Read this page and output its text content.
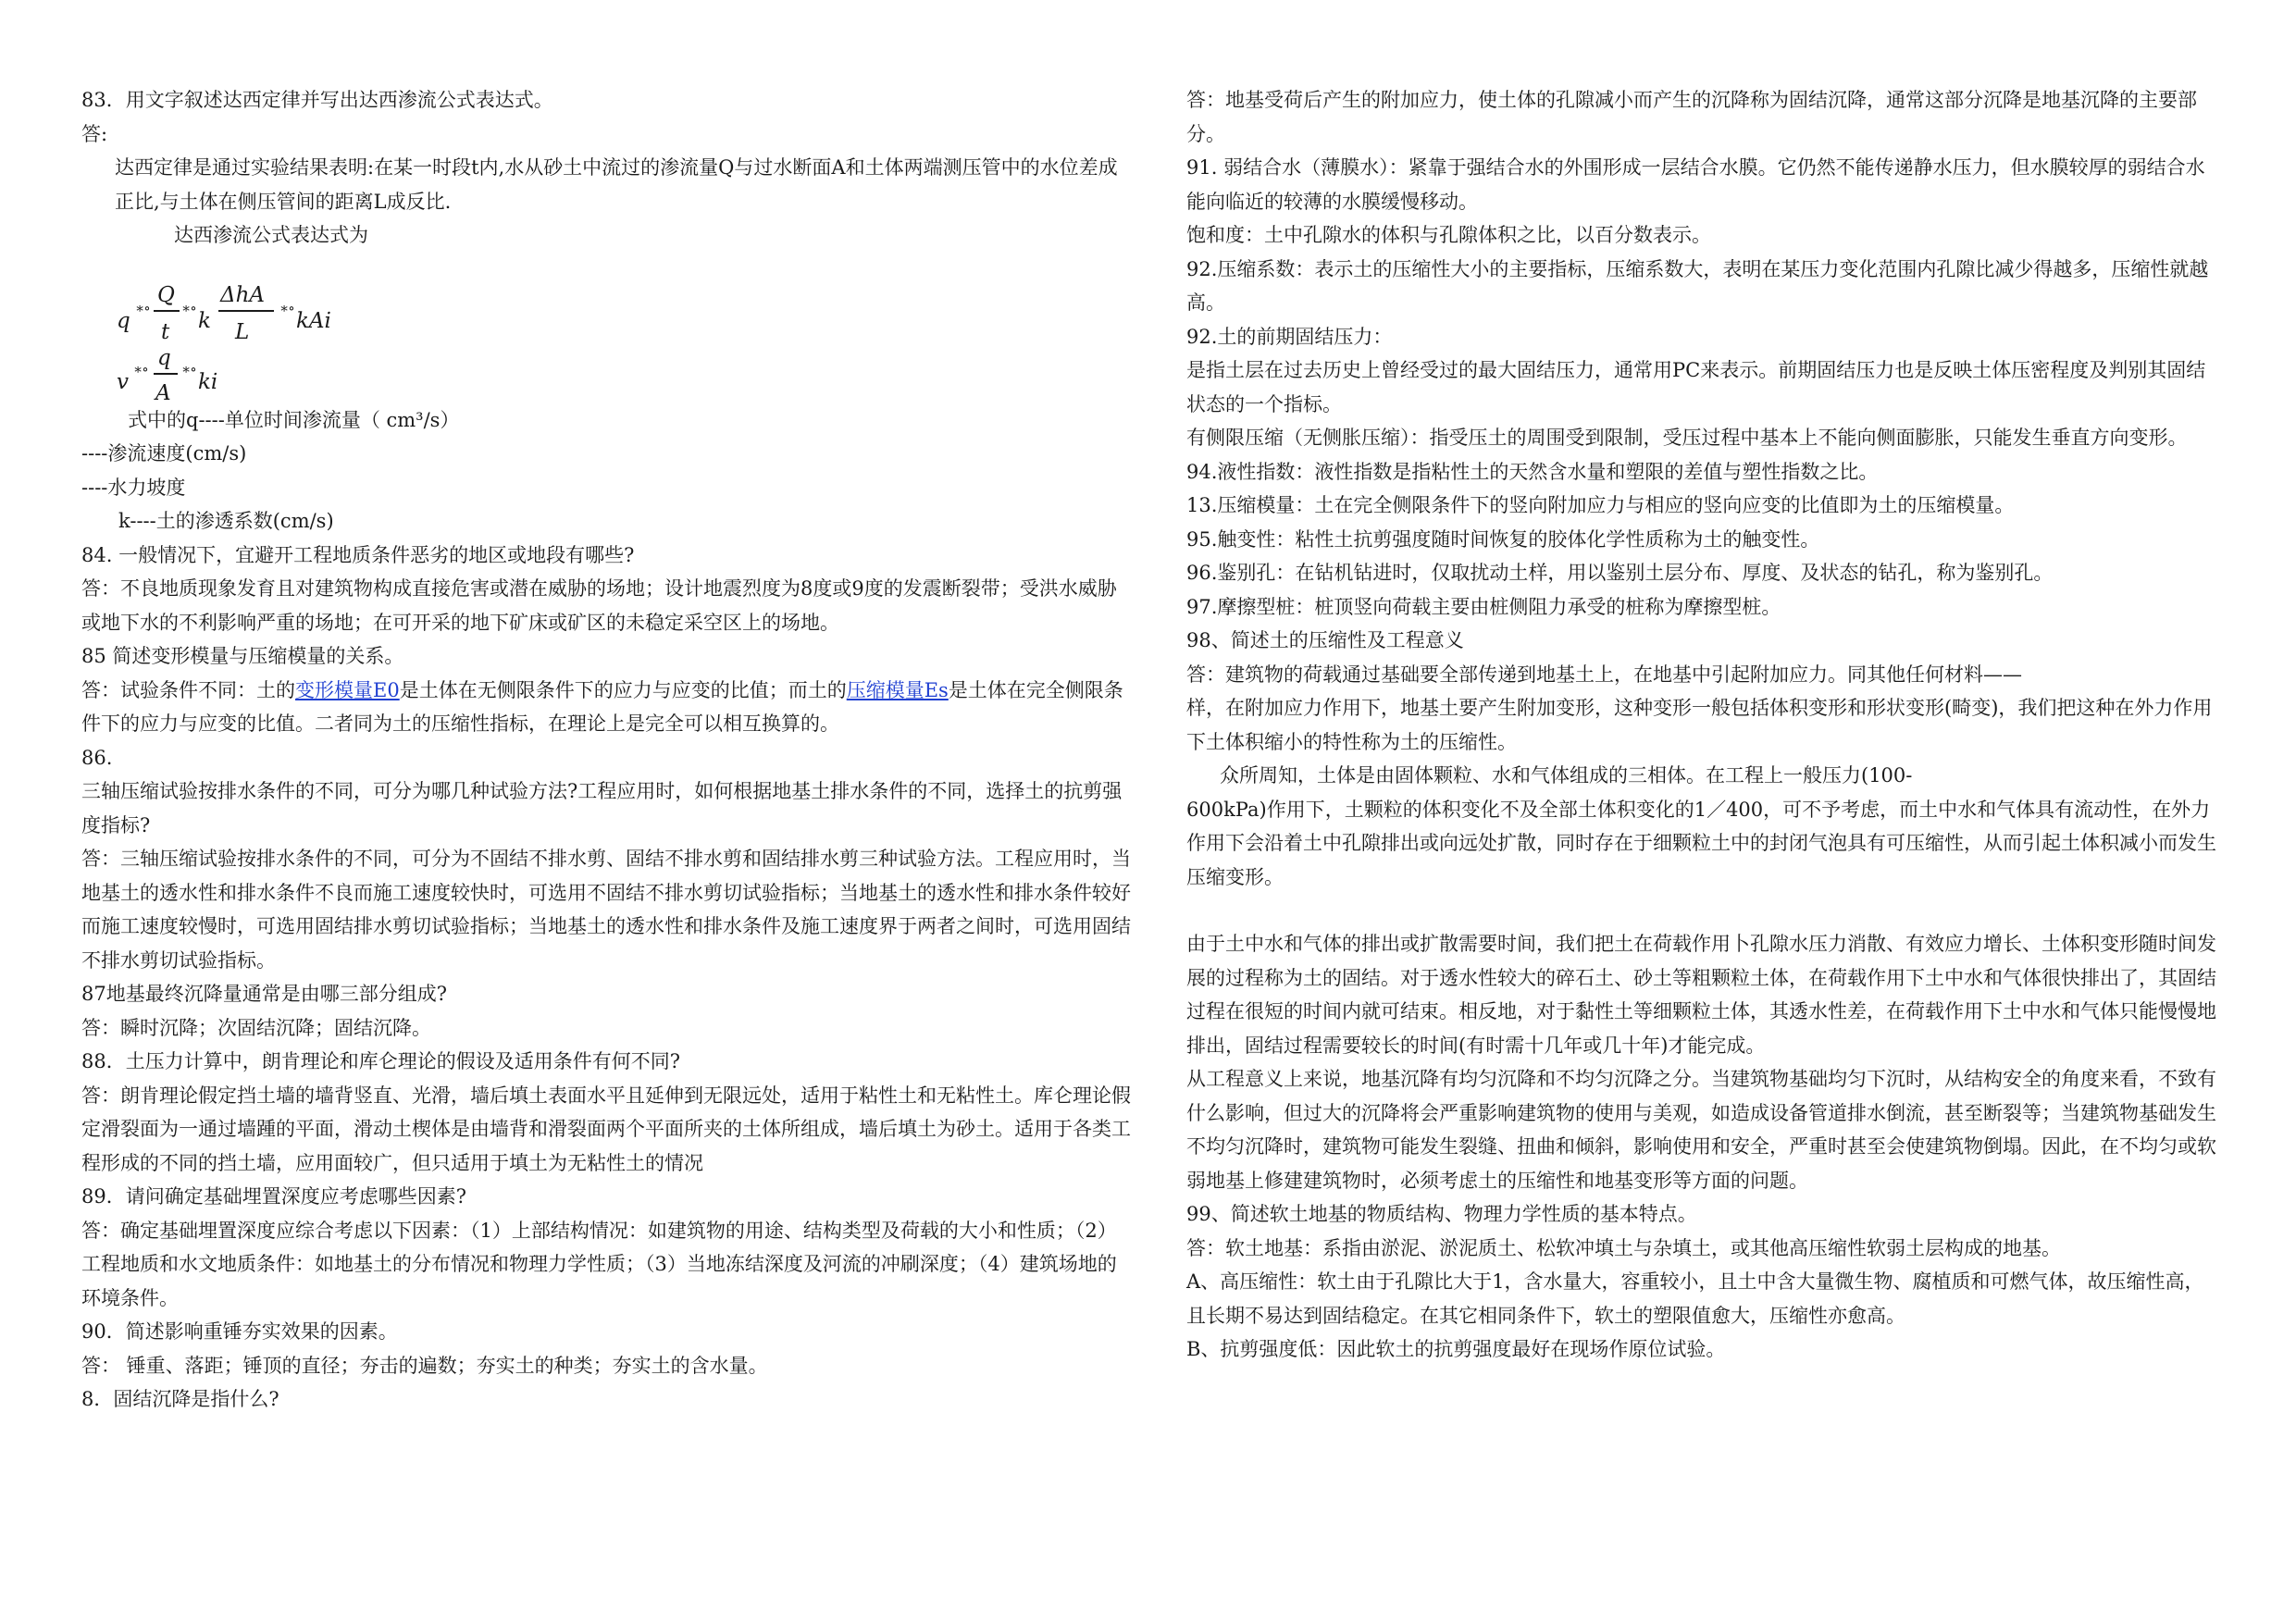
83．用文字叙述达西定律并写出达西渗流公式表达式。

答:

达西定律是通过实验结果表明:在某一时段t内,水从砂土中流过的渗流量Q与过水断面A和土体两端测压管中的水位差成正比,与土体在侧压管间的距离L成反比.

达西渗流公式表达式为

q
∗∘
Q
t
∗∘
k
ΔhA
L
∗∘
kAi
v
∗∘ q
A
∗∘
ki

式中的q----单位时间渗流量（ cm³/s）

----渗流速度(cm/s)

----水力坡度

k----土的渗透系数(cm/s)

84. 一般情况下，宜避开工程地质条件恶劣的地区或地段有哪些?

答：不良地质现象发育且对建筑物构成直接危害或潜在威胁的场地；设计地震烈度为8度或9度的发震断裂带；受洪水威胁或地下水的不利影响严重的场地；在可开采的地下矿床或矿区的未稳定采空区上的场地。

85 简述变形模量与压缩模量的关系。

答：试验条件不同：土的变形模量E0是土体在无侧限条件下的应力与应变的比值；而土的压缩模量Es是土体在完全侧限条件下的应力与应变的比值。二者同为土的压缩性指标，在理论上是完全可以相互换算的。

86.

三轴压缩试验按排水条件的不同，可分为哪几种试验方法?工程应用时，如何根据地基土排水条件的不同，选择土的抗剪强度指标?

答：三轴压缩试验按排水条件的不同，可分为不固结不排水剪、固结不排水剪和固结排水剪三种试验方法。工程应用时，当地基土的透水性和排水条件不良而施工速度较快时，可选用不固结不排水剪切试验指标；当地基土的透水性和排水条件较好而施工速度较慢时，可选用固结排水剪切试验指标；当地基土的透水性和排水条件及施工速度界于两者之间时，可选用固结不排水剪切试验指标。

87地基最终沉降量通常是由哪三部分组成?

答：瞬时沉降；次固结沉降；固结沉降。

88．土压力计算中，朗肯理论和库仑理论的假设及适用条件有何不同?

答：朗肯理论假定挡土墙的墙背竖直、光滑，墙后填土表面水平且延伸到无限远处，适用于粘性土和无粘性土。库仑理论假定滑裂面为一通过墙踵的平面，滑动土楔体是由墙背和滑裂面两个平面所夹的土体所组成，墙后填土为砂土。适用于各类工程形成的不同的挡土墙，应用面较广，但只适用于填土为无粘性土的情况

89．请问确定基础埋置深度应考虑哪些因素?

答：确定基础埋置深度应综合考虑以下因素：（1）上部结构情况：如建筑物的用途、结构类型及荷载的大小和性质；（2）工程地质和水文地质条件：如地基土的分布情况和物理力学性质；（3）当地冻结深度及河流的冲刷深度；（4）建筑场地的环境条件。

90．简述影响重锤夯实效果的因素。

答： 锤重、落距；锤顶的直径；夯击的遍数；夯实土的种类；夯实土的含水量。

8．固结沉降是指什么?

答：地基受荷后产生的附加应力，使土体的孔隙减小而产生的沉降称为固结沉降，通常这部分沉降是地基沉降的主要部分。

91. 弱结合水（薄膜水）：紧靠于强结合水的外围形成一层结合水膜。它仍然不能传递静水压力，但水膜较厚的弱结合水能向临近的较薄的水膜缓慢移动。

饱和度：土中孔隙水的体积与孔隙体积之比，以百分数表示。

92.压缩系数：表示土的压缩性大小的主要指标，压缩系数大，表明在某压力变化范围内孔隙比减少得越多，压缩性就越高。

92.土的前期固结压力：

是指土层在过去历史上曾经受过的最大固结压力，通常用PC来表示。前期固结压力也是反映土体压密程度及判别其固结状态的一个指标。

有侧限压缩（无侧胀压缩）：指受压土的周围受到限制，受压过程中基本上不能向侧面膨胀，只能发生垂直方向变形。

94.液性指数：液性指数是指粘性土的天然含水量和塑限的差值与塑性指数之比。

13.压缩模量：土在完全侧限条件下的竖向附加应力与相应的竖向应变的比值即为土的压缩模量。

95.触变性：粘性土抗剪强度随时间恢复的胶体化学性质称为土的触变性。

96.鉴别孔：在钻机钻进时，仅取扰动土样，用以鉴别土层分布、厚度、及状态的钻孔，称为鉴别孔。

97.摩擦型桩：桩顶竖向荷载主要由桩侧阻力承受的桩称为摩擦型桩。

98、简述土的压缩性及工程意义

答：建筑物的荷载通过基础要全部传递到地基土上，在地基中引起附加应力。同其他任何材料——

样，在附加应力作用下，地基土要产生附加变形，这种变形一般包括体积变形和形状变形(畸变)，我们把这种在外力作用下土体积缩小的特性称为土的压缩性。

众所周知，土体是由固体颗粒、水和气体组成的三相体。在工程上一般压力(100-

600kPa)作用下，土颗粒的体积变化不及全部土体积变化的1／400，可不予考虑，而土中水和气体具有流动性，在外力作用下会沿着土中孔隙排出或向远处扩散，同时存在于细颗粒土中的封闭气泡具有可压缩性，从而引起土体积减小而发生压缩变形。

由于土中水和气体的排出或扩散需要时间，我们把土在荷载作用卜孔隙水压力消散、有效应力增长、土体积变形随时间发展的过程称为土的固结。对于透水性较大的碎石土、砂土等粗颗粒土体，在荷载作用下土中水和气体很快排出了，其固结过程在很短的时间内就可结束。相反地，对于黏性土等细颗粒土体，其透水性差，在荷载作用下土中水和气体只能慢慢地排出，固结过程需要较长的时间(有时需十几年或几十年)才能完成。

从工程意义上来说，地基沉降有均匀沉降和不均匀沉降之分。当建筑物基础均匀下沉时，从结构安全的角度来看，不致有什么影响，但过大的沉降将会严重影响建筑物的使用与美观，如造成设备管道排水倒流，甚至断裂等；当建筑物基础发生不均匀沉降时，建筑物可能发生裂缝、扭曲和倾斜，影响使用和安全，严重时甚至会使建筑物倒塌。因此，在不均匀或软弱地基上修建建筑物时，必须考虑土的压缩性和地基变形等方面的问题。

99、简述软土地基的物质结构、物理力学性质的基本特点。

答：软土地基：系指由淤泥、淤泥质土、松软冲填土与杂填土，或其他高压缩性软弱土层构成的地基。

A、高压缩性：软土由于孔隙比大于1，含水量大，容重较小，且土中含大量微生物、腐植质和可燃气体，故压缩性高，且长期不易达到固结稳定。在其它相同条件下，软土的塑限值愈大，压缩性亦愈高。

B、抗剪强度低：因此软土的抗剪强度最好在现场作原位试验。
